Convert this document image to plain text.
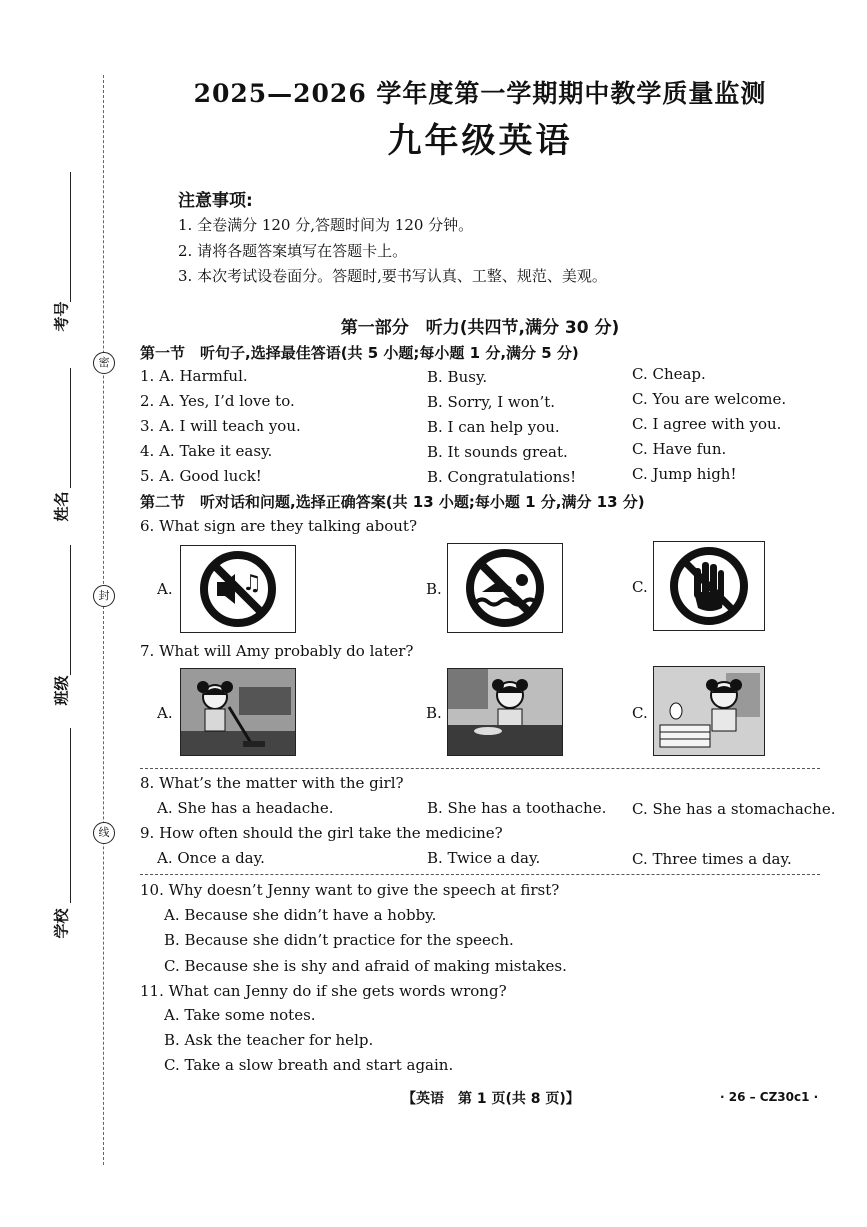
密
封
线
考号
姓名
班级
学校
2025—2026 学年度第一学期期中教学质量监测
九年级英语
注意事项:
1. 全卷满分 120 分,答题时间为 120 分钟。
2. 请将各题答案填写在答题卡上。
3. 本次考试设卷面分。答题时,要书写认真、工整、规范、美观。
第一部分　听力(共四节,满分 30 分)
第一节　听句子,选择最佳答语(共 5 小题;每小题 1 分,满分 5 分)
1. A. Harmful.	B. Busy.	C. Cheap.
2. A. Yes, I’d love to.	B. Sorry, I won’t.	C. You are welcome.
3. A. I will teach you.	B. I can help you.	C. I agree with you.
4. A. Take it easy.	B. It sounds great.	C. Have fun.
5. A. Good luck!	B. Congratulations!	C. Jump high!
第二节　听对话和问题,选择正确答案(共 13 小题;每小题 1 分,满分 13 分)
6. What sign are they talking about?
A.	♫	B.	C.
7. What will Amy probably do later?
A.	B.	C.
8. What’s the matter with the girl?
A. She has a headache.	B. She has a toothache. C. She has a stomachache.
9. How often should the girl take the medicine?
A. Once a day.	B. Twice a day.	C. Three times a day.
10. Why doesn’t Jenny want to give the speech at first?
A. Because she didn’t have a hobby.
B. Because she didn’t practice for the speech.
C. Because she is shy and afraid of making mistakes.
11. What can Jenny do if she gets words wrong?
A. Take some notes.
B. Ask the teacher for help.
C. Take a slow breath and start again.
【英语　第 1 页(共 8 页)】	· 26 – CZ30c1 ·
